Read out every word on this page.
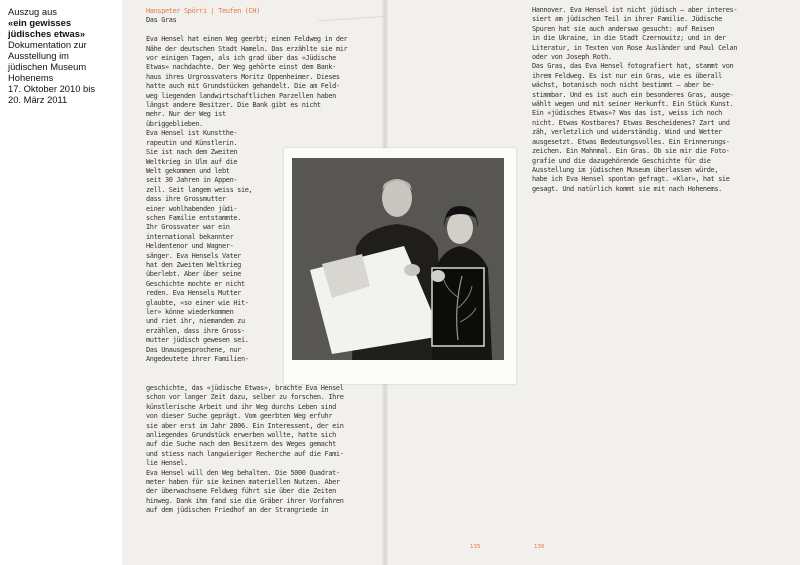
Auszug aus
«ein gewisses
jüdisches etwas»
Dokumentation zur
Ausstellung im
jüdischen Museum
Hohenems
17. Oktober 2010 bis
20. März 2011
Hanspeter Spörri | Teufen (CH)
Das Gras

Eva Hensel hat einen Weg geerbt; einen Feldweg in der
Nähe der deutschen Stadt Hameln. Das erzählte sie mir
vor einigen Tagen, als ich grad über das «Jüdische
Etwas» nachdachte. Der Weg gehörte einst dem Bank-
haus ihres Urgrossvaters Moritz Oppenheimer. Dieses
hatte auch mit Grundstücken gehandelt. Die am Feld-
weg liegenden landwirtschaftlichen Parzellen haben
längst andere Besitzer. Die Bank gibt es nicht
mehr. Nur der Weg ist
übriggeblieben.
Eva Hensel ist Kunstthe-
rapeutin und Künstlerin.
Sie ist nach dem Zweiten
Weltkrieg in Ulm auf die
Welt gekommen und lebt
seit 30 Jahren in Appen-
zell. Seit langem weiss sie,
dass ihre Grossmutter
einer wohlhabenden jüdi-
schen Familie entstammte.
Ihr Grossvater war ein
international bekannter
Heldentenor und Wagner-
sänger. Eva Hensels Vater
hat den Zweiten Weltkrieg
überlebt. Aber über seine
Geschichte mochte er nicht
reden. Eva Hensels Mutter
glaubte, «so einer wie Hit-
ler» könne wiederkommen
und riet ihr, niemandem zu
erzählen, dass ihre Gross-
mutter jüdisch gewesen sei.
Das Unausgesprochene, nur
Angedeutete ihrer Familien-
geschichte, das «jüdische Etwas», brachte Eva Hensel
schon vor langer Zeit dazu, selber zu forschen. Ihre
künstlerische Arbeit und ihr Weg durchs Leben sind
von dieser Suche geprägt. Vom geerbten Weg erfuhr
sie aber erst im Jahr 2006. Ein Interessent, der ein
anliegendes Grundstück erwerben wollte, hatte sich
auf die Suche nach den Besitzern des Weges gemacht
und stiess nach langwieriger Recherche auf die Fami-
lie Hensel.
Eva Hensel will den Weg behalten. Die 5000 Quadrat-
meter haben für sie keinen materiellen Nutzen. Aber
der überwachsene Feldweg führt sie über die Zeiten
hinweg. Dank ihm fand sie die Gräber ihrer Vorfahren
auf dem jüdischen Friedhof an der Strangriede in
Hannover. Eva Hensel ist nicht jüdisch – aber interes-
siert am jüdischen Teil in ihrer Familie. Jüdische
Spuren hat sie auch anderswo gesucht: auf Reisen
in die Ukraine, in die Stadt Czernowitz; und in der
Literatur, in Texten von Rose Ausländer und Paul Celan
oder von Joseph Roth.
Das Gras, das Eva Hensel fotografiert hat, stammt von
ihrem Feldweg. Es ist nur ein Gras, wie es überall
wächst, botanisch noch nicht bestimmt – aber be-
stimmbar. Und es ist auch ein besonderes Gras, ausge-
wählt wegen und mit seiner Herkunft. Ein Stück Kunst.
Ein «jüdisches Etwas»? Was das ist, weiss ich noch
nicht. Etwas Kostbares? Etwas Bescheidenes? Zart und
zäh, verletzlich und widerständig. Wind und Wetter
ausgesetzt. Etwas Bedeutungsvolles. Ein Erinnerungs-
zeichen. Ein Mahnmal. Ein Gras. Ob sie mir die Foto-
grafie und die dazugehörende Geschichte für die
Ausstellung im jüdischen Museum überlassen würde,
habe ich Eva Hensel spontan gefragt. «Klar», hat sie
gesagt. Und natürlich kommt sie mit nach Hohenems.
135	136
